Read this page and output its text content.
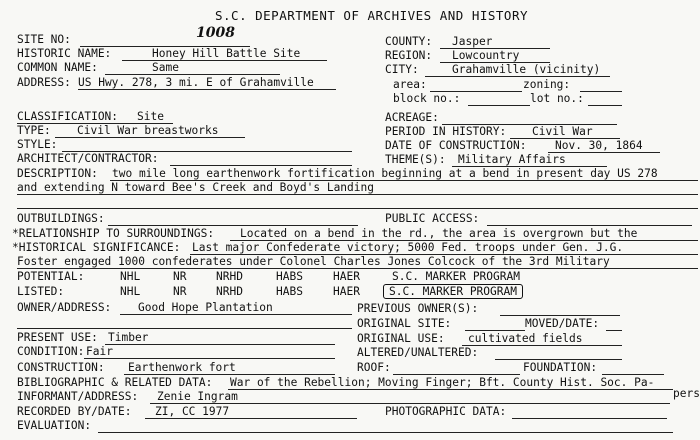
S.C. DEPARTMENT OF ARCHIVES AND HISTORY
SITE NO:	1008
COUNTY: Jasper
HISTORIC NAME:	Honey Hill Battle Site	REGION: Lowcountry
COMMON NAME:	Same	CITY:	Grahamville (vicinity)
ADDRESS: US Hwy. 278, 3 mi. E of Grahamville	area:	zoning:
block no.:	lot no.:
CLASSIFICATION: Site	ACREAGE:
TYPE: Civil War breastworks	PERIOD IN HISTORY: Civil War
STYLE:	DATE OF CONSTRUCTION:	Nov. 30, 1864
ARCHITECT/CONTRACTOR:	THEME(S): Military Affairs
DESCRIPTION: two mile long earthenwork fortification beginning at a bend in present day US 278
and extending N toward Bee's Creek and Boyd's Landing
OUTBUILDINGS:	PUBLIC ACCESS:
*RELATIONSHIP TO SURROUNDINGS: Located on a bend in the rd., the area is overgrown but the
*HISTORICAL SIGNIFICANCE: Last major Confederate victory; 5000 Fed. troops under Gen. J.G.
Foster engaged 1000 confederates under Colonel Charles Jones Colcock of the 3rd Military
POTENTIAL:	NHL	NR	NRHD	HABS	HAER	S.C. MARKER PROGRAM
LISTED:	NHL	NR	NRHD	HABS	HAER	S.C. MARKER PROGRAM
OWNER/ADDRESS: Good Hope Plantation	PREVIOUS OWNER(S):
ORIGINAL SITE:	MOVED/DATE:
PRESENT USE: Timber	ORIGINAL USE: cultivated fields
CONDITION: Fair	ALTERED/UNALTERED:
CONSTRUCTION: Earthenwork fort	ROOF:	FOUNDATION:
BIBLIOGRAPHIC & RELATED DATA: War of the Rebellion; Moving Finger; Bft. County Hist. Soc. Pa-
pers
INFORMANT/ADDRESS: Zenie Ingram
RECORDED BY/DATE: ZI, CC 1977	PHOTOGRAPHIC DATA:
EVALUATION:
